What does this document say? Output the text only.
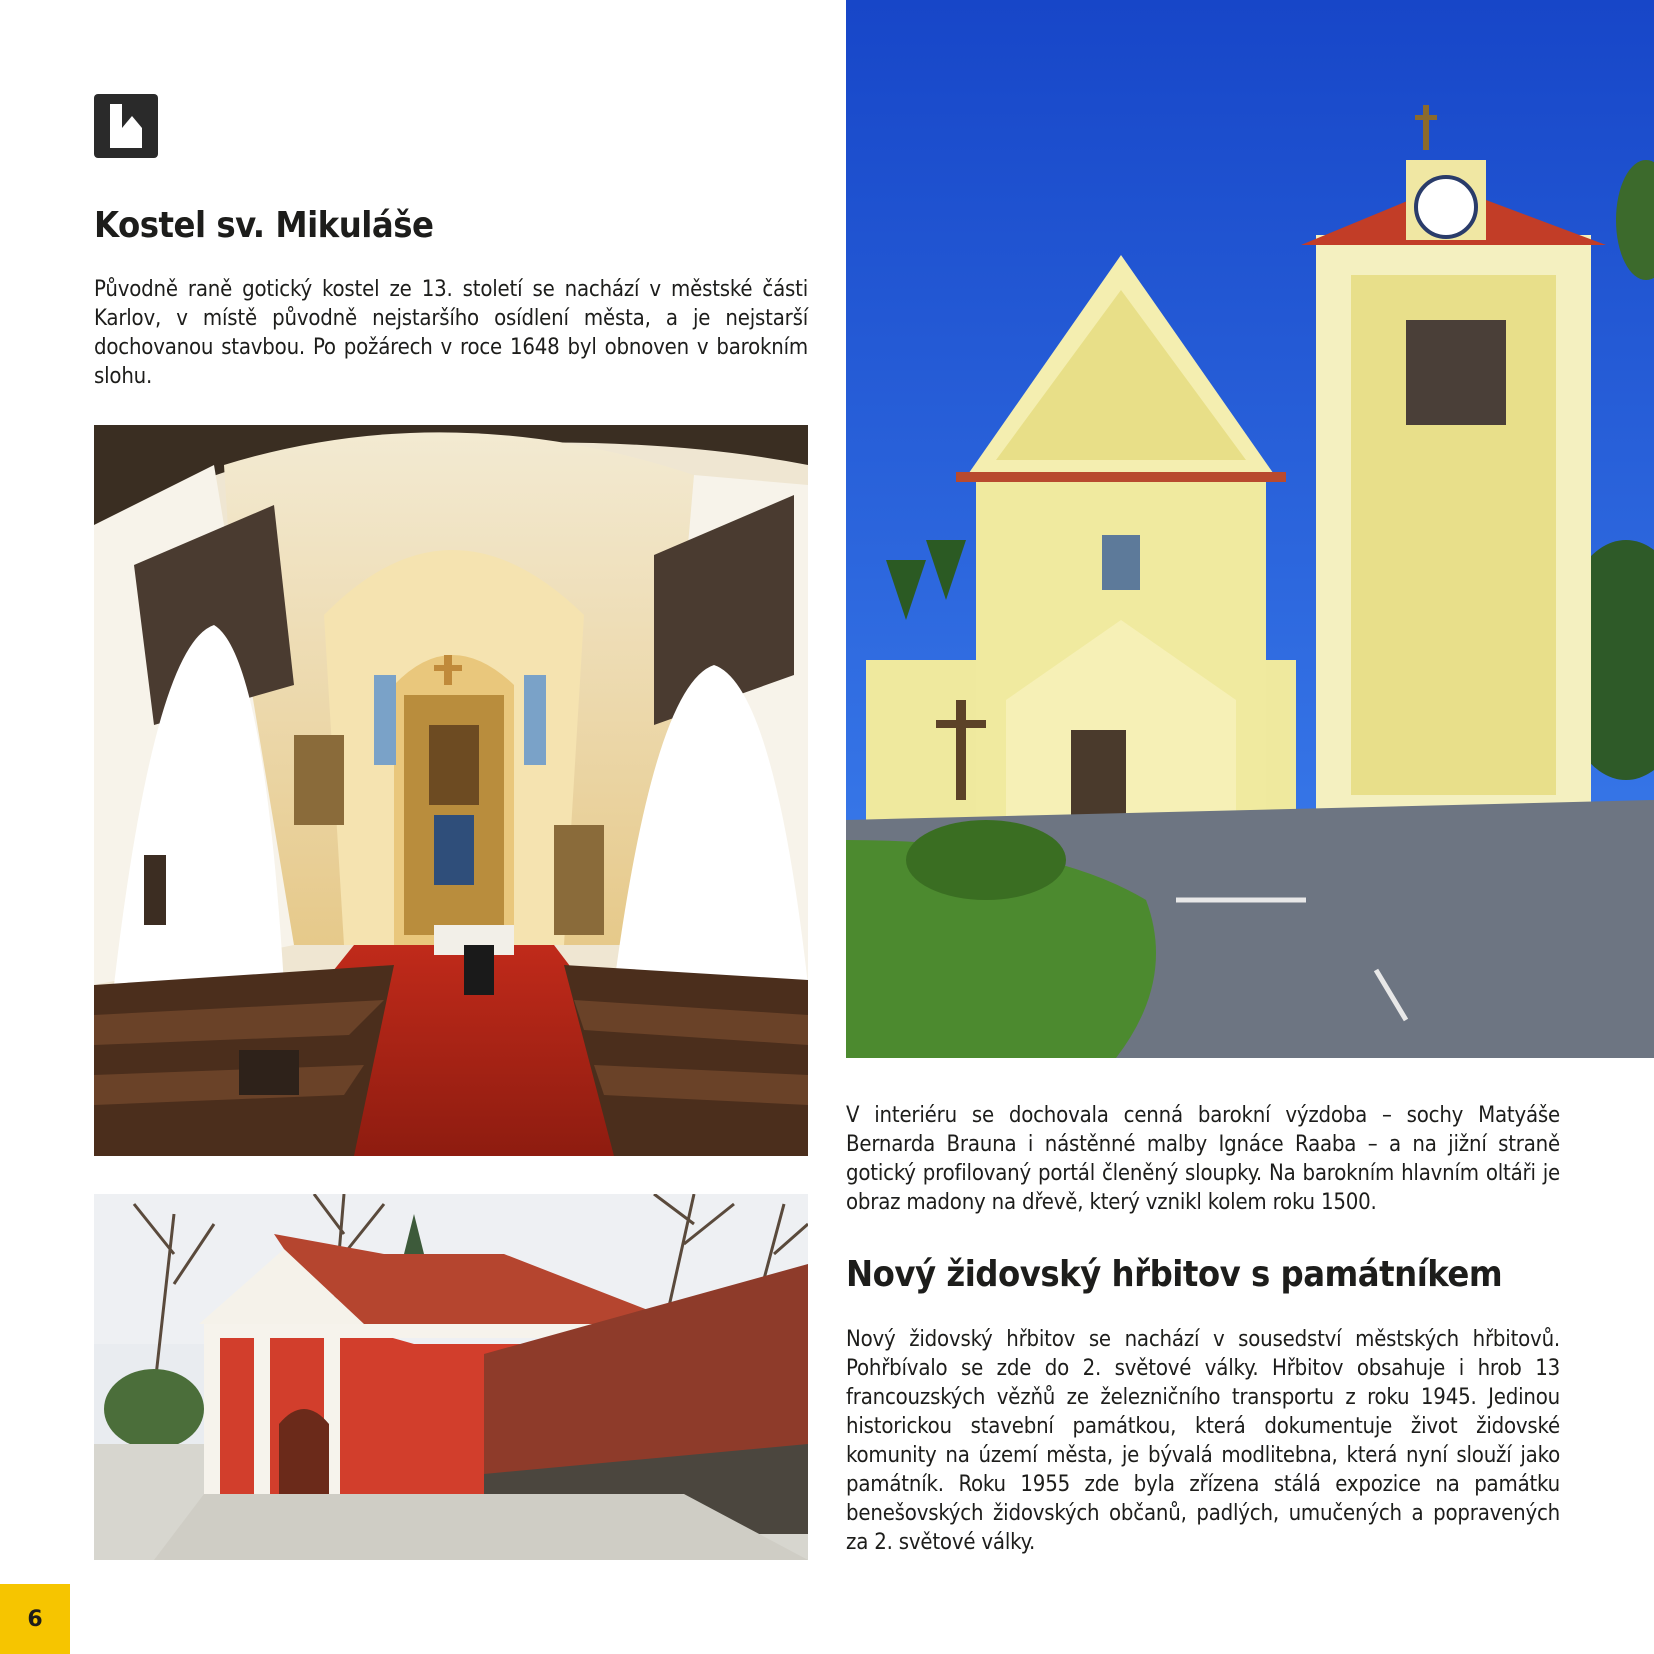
Kostel sv. Mikuláše

Původně raně gotický kostel ze 13. století se nachází v městské části Karlov, v místě původně nejstaršího osídlení města, a je nejstarší dochovanou stavbou. Po požárech v roce 1648 byl obnoven v barokním slohu.

V interiéru se dochovala cenná barokní výzdoba – sochy Matyáše Bernarda Brauna i nástěnné malby Ignáce Raaba – a na jižní straně gotický profilovaný portál členěný sloupky. Na barokním hlavním oltáři je obraz madony na dřevě, který vznikl kolem roku 1500.

Nový židovský hřbitov s památníkem

Nový židovský hřbitov se nachází v sousedství městských hřbitovů. Pohřbívalo se zde do 2. světové války. Hřbitov obsahuje i hrob 13 francouzských vězňů ze železničního transportu z roku 1945. Jedinou historickou stavební památkou, která dokumentuje život židovské komunity na území města, je bývalá modlitebna, která nyní slouží jako památník. Roku 1955 zde byla zřízena stálá expozice na památku benešovských židovských občanů, padlých, umučených a popravených za 2. světové války.

6
